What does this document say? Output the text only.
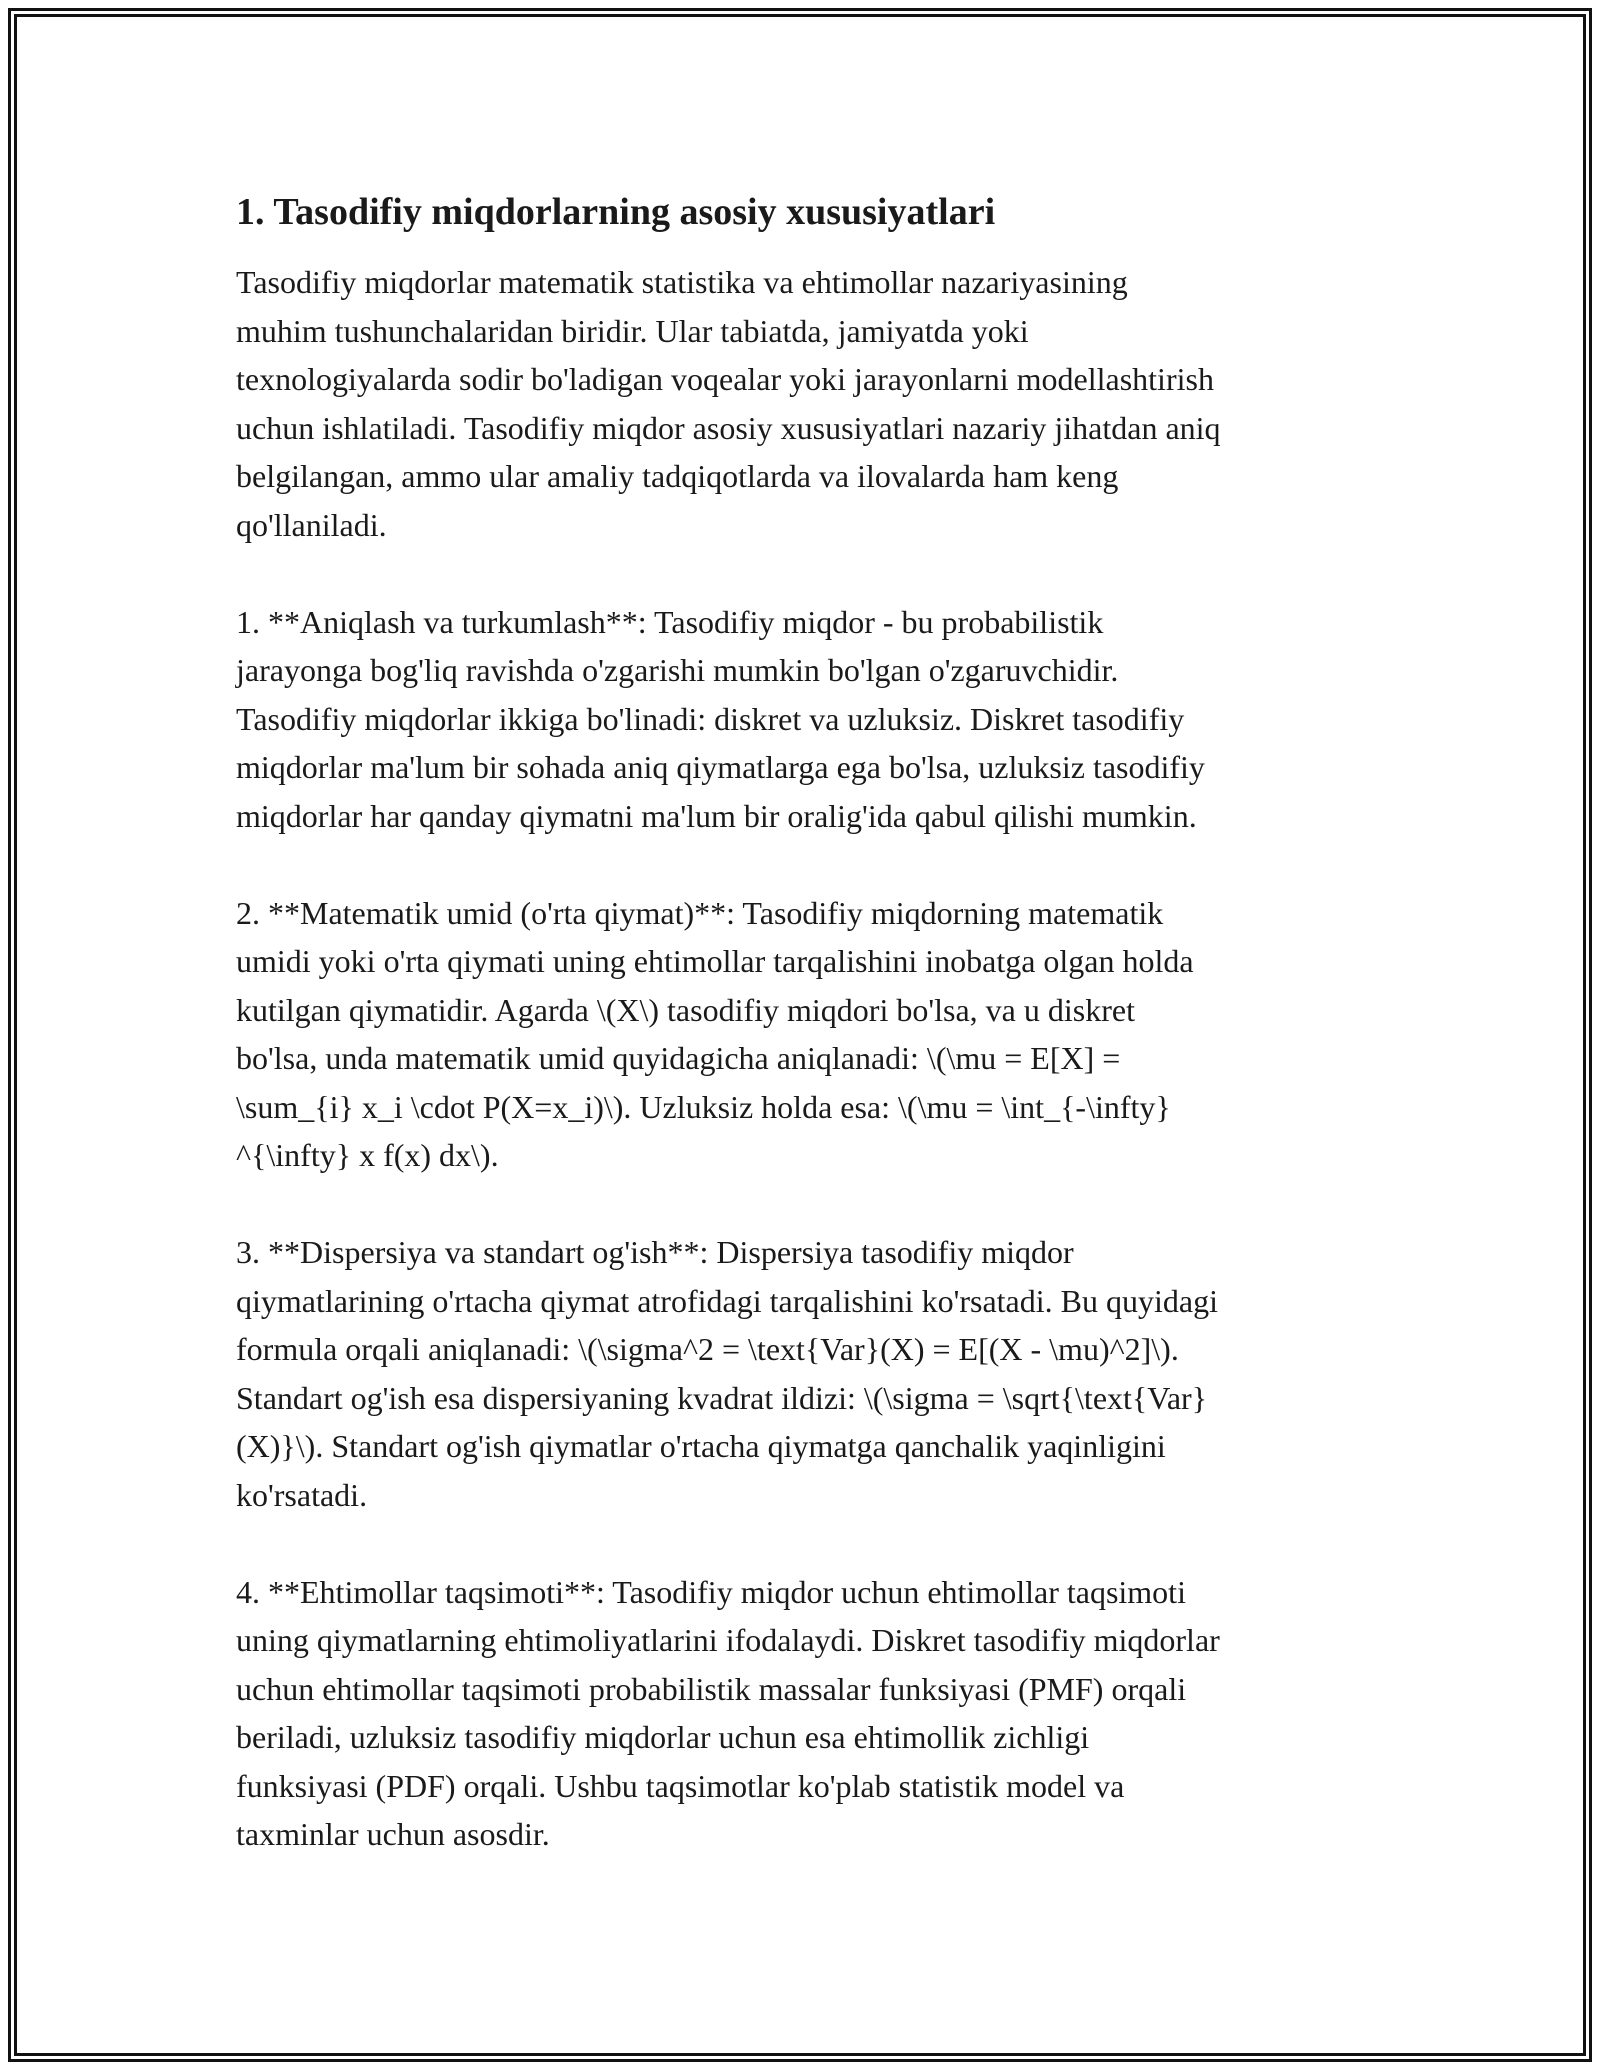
1. Tasodifiy miqdorlarning asosiy xususiyatlari

Tasodifiy miqdorlar matematik statistika va ehtimollar nazariyasining
muhim tushunchalaridan biridir. Ular tabiatda, jamiyatda yoki
texnologiyalarda sodir bo'ladigan voqealar yoki jarayonlarni modellashtirish
uchun ishlatiladi. Tasodifiy miqdor asosiy xususiyatlari nazariy jihatdan aniq
belgilangan, ammo ular amaliy tadqiqotlarda va ilovalarda ham keng
qo'llaniladi.

1. **Aniqlash va turkumlash**: Tasodifiy miqdor - bu probabilistik
jarayonga bog'liq ravishda o'zgarishi mumkin bo'lgan o'zgaruvchidir.
Tasodifiy miqdorlar ikkiga bo'linadi: diskret va uzluksiz. Diskret tasodifiy
miqdorlar ma'lum bir sohada aniq qiymatlarga ega bo'lsa, uzluksiz tasodifiy
miqdorlar har qanday qiymatni ma'lum bir oralig'ida qabul qilishi mumkin.

2. **Matematik umid (o'rta qiymat)**: Tasodifiy miqdorning matematik
umidi yoki o'rta qiymati uning ehtimollar tarqalishini inobatga olgan holda
kutilgan qiymatidir. Agarda \(X\) tasodifiy miqdori bo'lsa, va u diskret
bo'lsa, unda matematik umid quyidagicha aniqlanadi: \(\mu = E[X] =
\sum_{i} x_i \cdot P(X=x_i)\). Uzluksiz holda esa: \(\mu = \int_{-\infty}
^{\infty} x f(x) dx\).

3. **Dispersiya va standart og'ish**: Dispersiya tasodifiy miqdor
qiymatlarining o'rtacha qiymat atrofidagi tarqalishini ko'rsatadi. Bu quyidagi
formula orqali aniqlanadi: \(\sigma^2 = \text{Var}(X) = E[(X - \mu)^2]\).
Standart og'ish esa dispersiyaning kvadrat ildizi: \(\sigma = \sqrt{\text{Var}
(X)}\). Standart og'ish qiymatlar o'rtacha qiymatga qanchalik yaqinligini
ko'rsatadi.

4. **Ehtimollar taqsimoti**: Tasodifiy miqdor uchun ehtimollar taqsimoti
uning qiymatlarning ehtimoliyatlarini ifodalaydi. Diskret tasodifiy miqdorlar
uchun ehtimollar taqsimoti probabilistik massalar funksiyasi (PMF) orqali
beriladi, uzluksiz tasodifiy miqdorlar uchun esa ehtimollik zichligi
funksiyasi (PDF) orqali. Ushbu taqsimotlar ko'plab statistik model va
taxminlar uchun asosdir.
